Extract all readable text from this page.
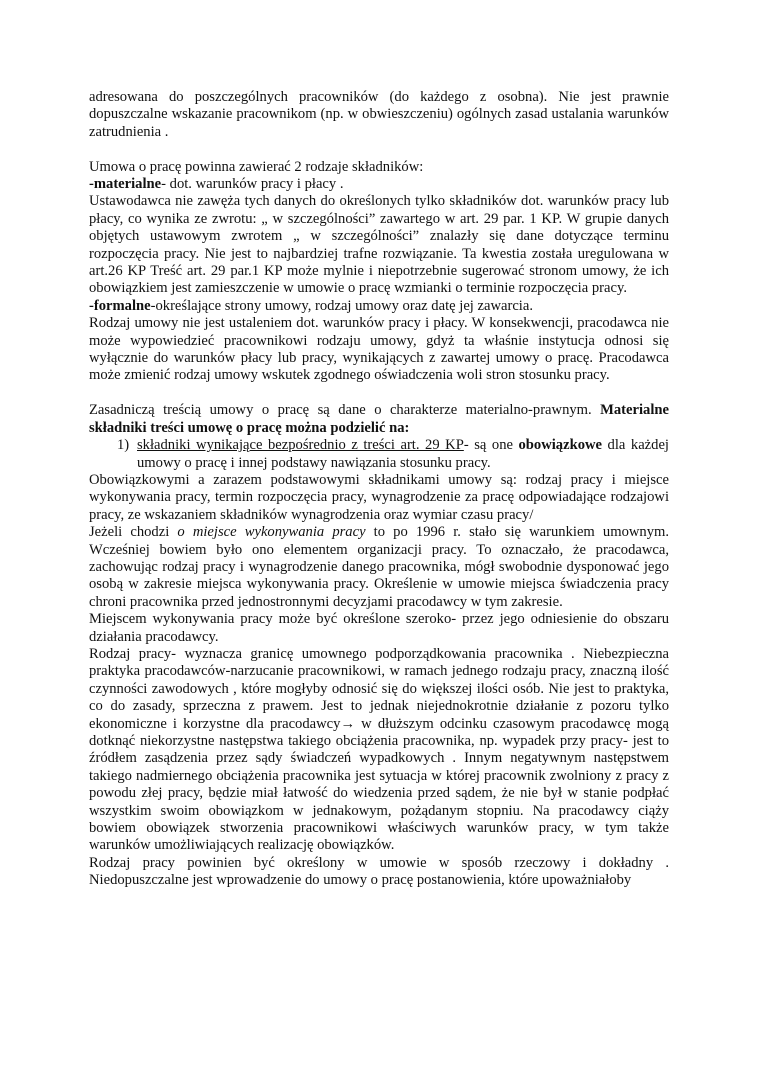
adresowana do poszczególnych pracowników (do każdego z osobna). Nie jest prawnie dopuszczalne wskazanie pracownikom (np. w obwieszczeniu) ogólnych zasad ustalania warunków zatrudnienia .

Umowa o pracę powinna zawierać 2 rodzaje składników:

-materialne- dot. warunków pracy i płacy .

Ustawodawca nie zawęża tych danych do określonych tylko składników dot. warunków pracy lub płacy, co wynika ze zwrotu: „ w szczególności” zawartego w art. 29 par. 1 KP. W grupie danych objętych ustawowym zwrotem „ w szczególności” znalazły się dane dotyczące terminu rozpoczęcia pracy. Nie jest to najbardziej trafne rozwiązanie. Ta kwestia została uregulowana w art.26 KP Treść art. 29 par.1 KP może mylnie i niepotrzebnie sugerować stronom umowy, że ich obowiązkiem jest zamieszczenie w umowie o pracę wzmianki o terminie rozpoczęcia pracy.

-formalne-określające strony umowy, rodzaj umowy oraz datę jej zawarcia.

Rodzaj umowy nie jest ustaleniem dot. warunków pracy i płacy. W konsekwencji, pracodawca nie może wypowiedzieć pracownikowi rodzaju umowy, gdyż ta właśnie instytucja odnosi się wyłącznie do warunków płacy lub pracy, wynikających z zawartej umowy o pracę. Pracodawca może zmienić rodzaj umowy wskutek zgodnego oświadczenia woli stron stosunku pracy.

Zasadniczą treścią umowy o pracę są dane o charakterze materialno-prawnym. Materialne składniki treści umowę o pracę można podzielić na:

1) składniki wynikające bezpośrednio z treści art. 29 KP- są one obowiązkowe dla każdej umowy o pracę i innej podstawy nawiązania stosunku pracy.

Obowiązkowymi a zarazem podstawowymi składnikami umowy są: rodzaj pracy i miejsce wykonywania pracy, termin rozpoczęcia pracy, wynagrodzenie za pracę odpowiadające rodzajowi pracy, ze wskazaniem składników wynagrodzenia oraz wymiar czasu pracy/

Jeżeli chodzi o miejsce wykonywania pracy to po 1996 r. stało się warunkiem umownym. Wcześniej bowiem było ono elementem organizacji pracy. To oznaczało, że pracodawca, zachowując rodzaj pracy i wynagrodzenie danego pracownika, mógł swobodnie dysponować jego osobą w zakresie miejsca wykonywania pracy. Określenie w umowie miejsca świadczenia pracy chroni pracownika przed jednostronnymi decyzjami pracodawcy w tym zakresie.

Miejscem wykonywania pracy może być określone szeroko- przez jego odniesienie do obszaru działania pracodawcy.

Rodzaj pracy- wyznacza granicę umownego podporządkowania pracownika . Niebezpieczna praktyka pracodawców-narzucanie pracownikowi, w ramach jednego rodzaju pracy, znaczną ilość czynności zawodowych , które mogłyby odnosić się do większej ilości osób. Nie jest to praktyka, co do zasady, sprzeczna z prawem. Jest to jednak niejednokrotnie działanie z pozoru tylko ekonomiczne i korzystne dla pracodawcy→ w dłuższym odcinku czasowym pracodawcę mogą dotknąć niekorzystne następstwa takiego obciążenia pracownika, np. wypadek przy pracy- jest to źródłem zasądzenia przez sądy świadczeń wypadkowych . Innym negatywnym następstwem takiego nadmiernego obciążenia pracownika jest sytuacja w której pracownik zwolniony z pracy z powodu złej pracy, będzie miał łatwość do wiedzenia przed sądem, że nie był w stanie podpłać wszystkim swoim obowiązkom w jednakowym, pożądanym stopniu. Na pracodawcy ciąży bowiem obowiązek stworzenia pracownikowi właściwych warunków pracy, w tym także warunków umożliwiających realizację obowiązków.

Rodzaj pracy powinien być określony w umowie w sposób rzeczowy i dokładny . Niedopuszczalne jest wprowadzenie do umowy o pracę postanowienia, które upoważniałoby
